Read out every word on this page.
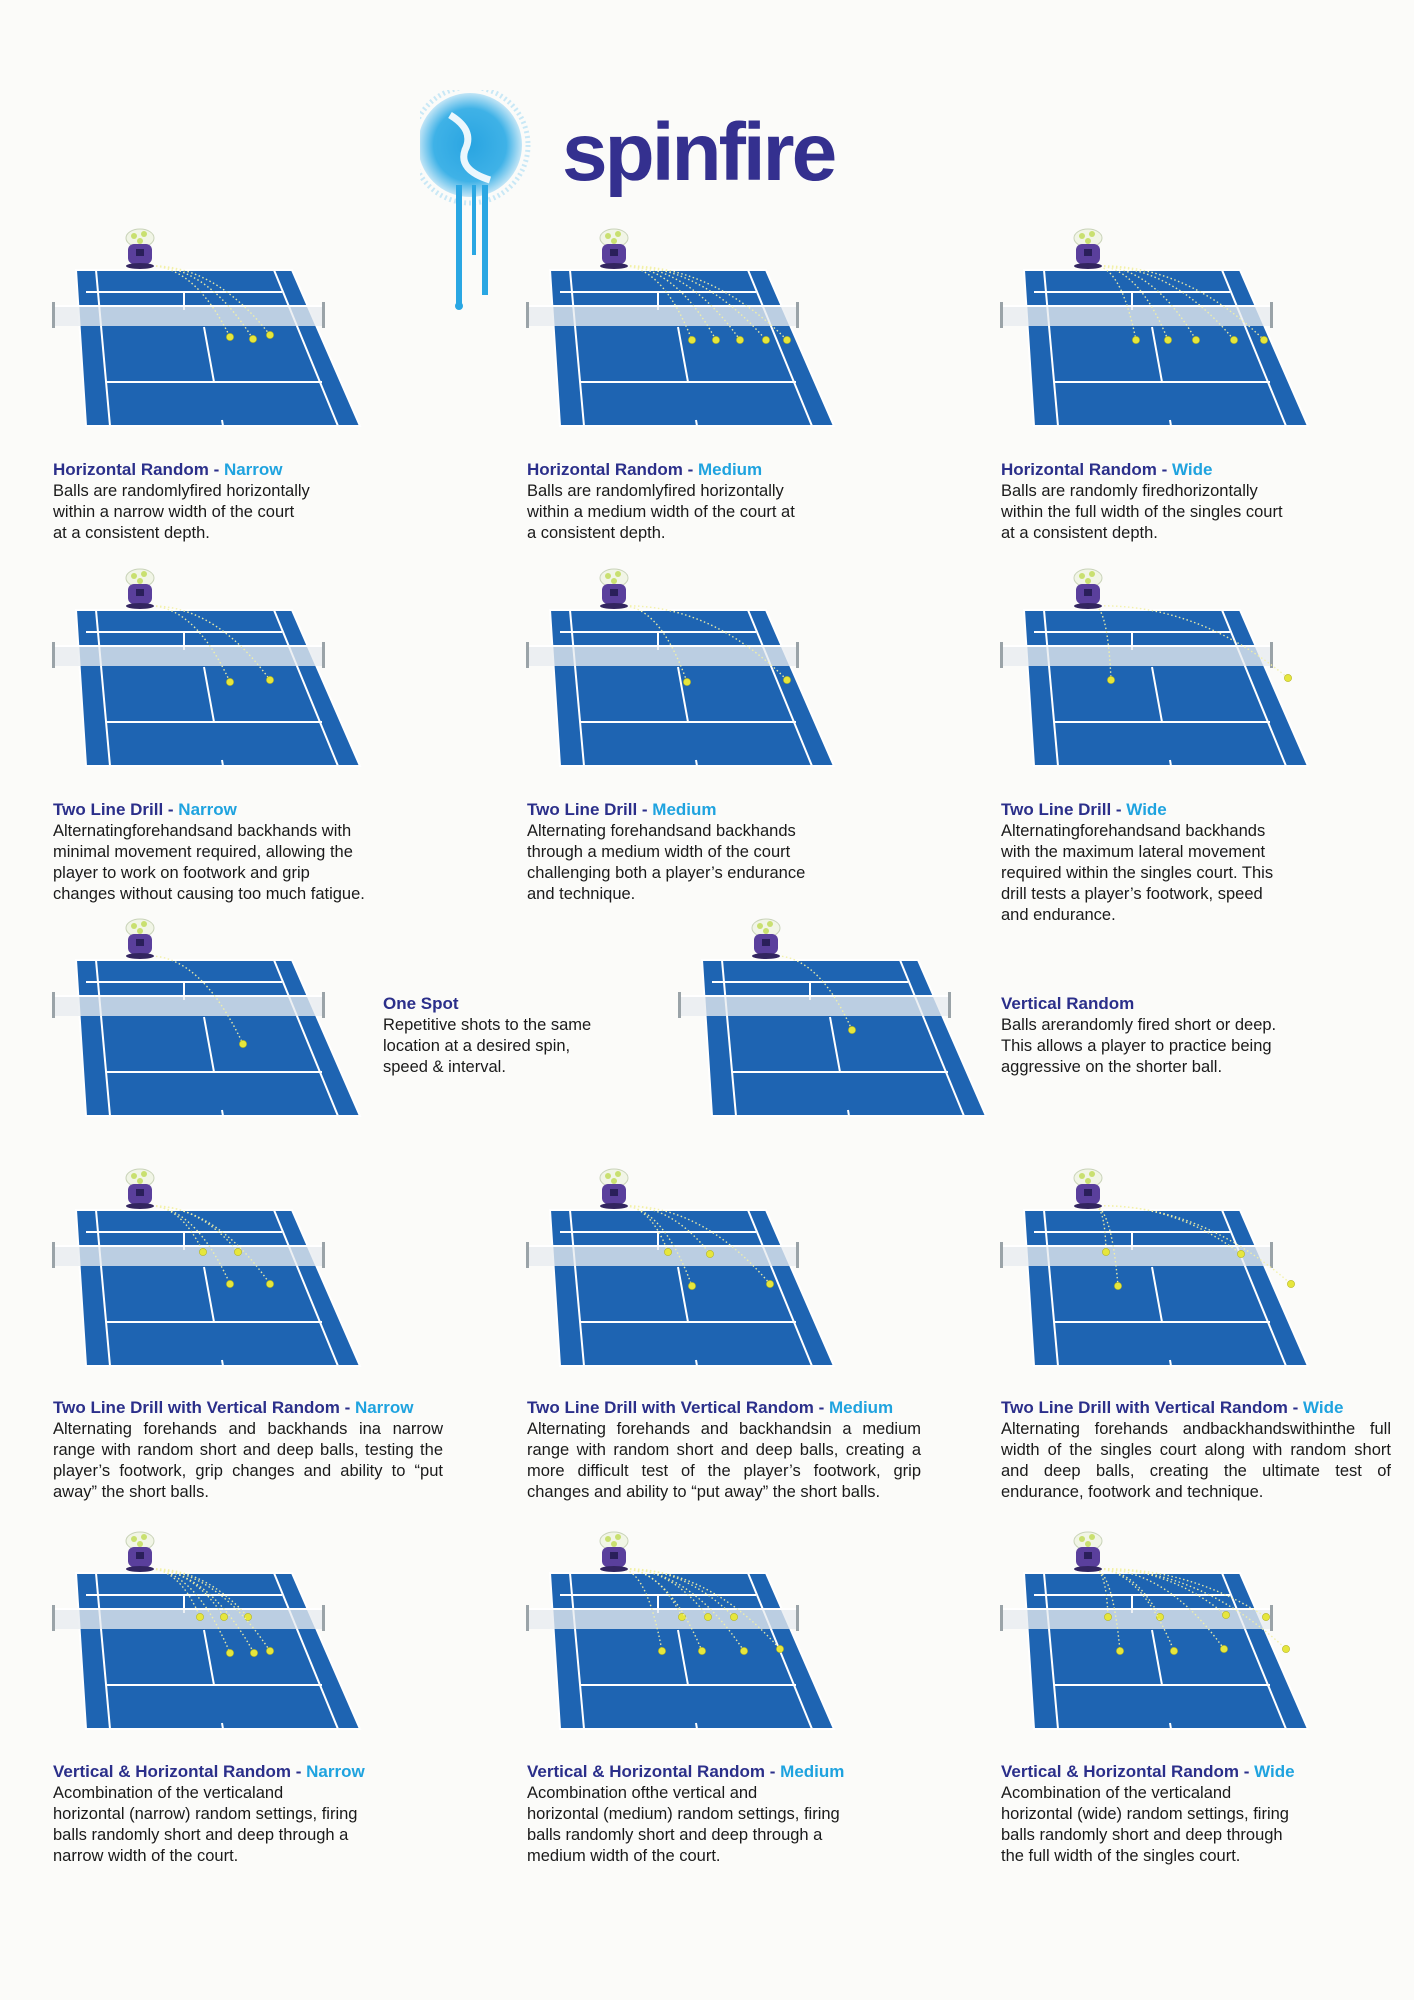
spinfire
Horizontal Random - Narrow
Balls are randomlyfired horizontally
within a narrow width of the court
at a consistent depth.
Horizontal Random - Medium
Balls are randomlyfired horizontally
within a medium width of the court at
a consistent depth.
Horizontal Random - Wide
Balls are randomly firedhorizontally
within the full width of the singles court
at a consistent depth.
Two Line Drill - Narrow
Alternatingforehandsand backhands with
minimal movement required, allowing the
player to work on footwork and grip
changes without causing too much fatigue.
Two Line Drill - Medium
Alternating forehandsand backhands
through a medium width of the court
challenging both a player’s endurance
and technique.
Two Line Drill - Wide
Alternatingforehandsand backhands
with the maximum lateral movement
required within the singles court. This
drill tests a player’s footwork, speed
and endurance.
One Spot
Repetitive shots to the same
location at a desired spin,
speed & interval.
Vertical Random
Balls arerandomly fired short or deep.
This allows a player to practice being
aggressive on the shorter ball.
Two Line Drill with Vertical Random - Narrow
Alternating forehands and backhands ina narrow range with random short and deep balls, testing the player’s footwork, grip changes and ability to “put away” the short balls.
Two Line Drill with Vertical Random - Medium
Alternating forehands and backhandsin a medium range with random short and deep balls, creating a more difficult test of the player’s footwork, grip changes and ability to “put away” the short balls.
Two Line Drill with Vertical Random - Wide
Alternating forehands andbackhandswithinthe full width of the singles court along with random short and deep balls, creating the ultimate test of endurance, footwork and technique.
Vertical & Horizontal Random - Narrow
Acombination of the verticaland
horizontal (narrow) random settings, firing
balls randomly short and deep through a
narrow width of the court.
Vertical & Horizontal Random - Medium
Acombination ofthe vertical and
horizontal (medium) random settings, firing
balls randomly short and deep through a
medium width of the court.
Vertical & Horizontal Random - Wide
Acombination of the verticaland
horizontal (wide) random settings, firing
balls randomly short and deep through
the full width of the singles court.
